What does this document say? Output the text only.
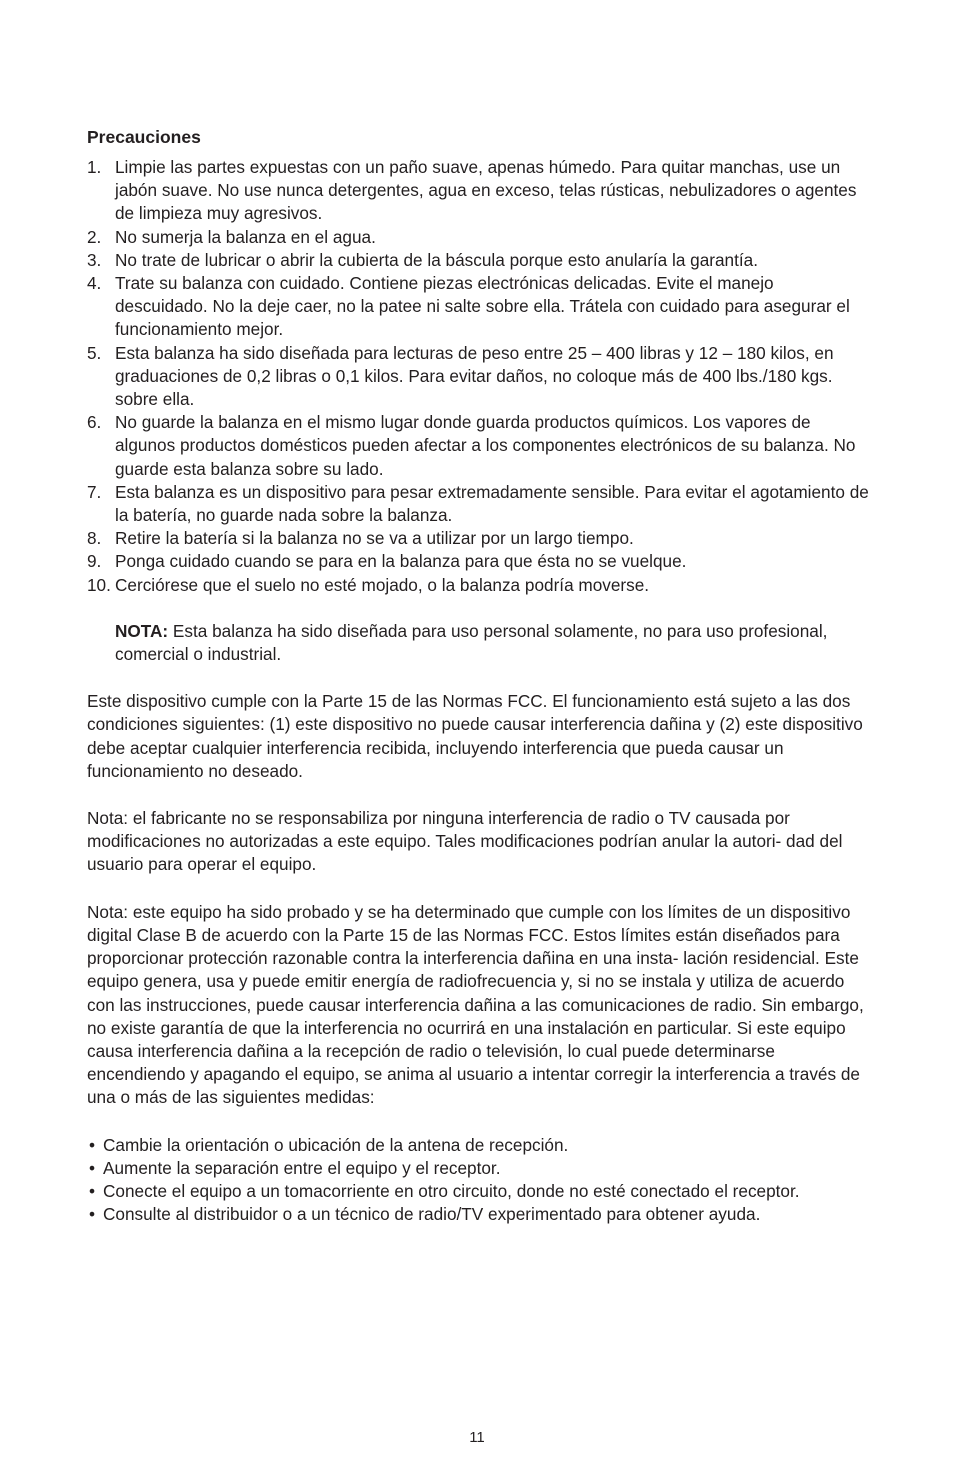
Precauciones
1. Limpie las partes expuestas con un paño suave, apenas húmedo. Para quitar manchas, use un jabón suave. No use nunca detergentes, agua en exceso, telas rústicas, nebulizadores o agentes de limpieza muy agresivos.
2. No sumerja la balanza en el agua.
3. No trate de lubricar o abrir la cubierta de la báscula porque esto anularía la garantía.
4. Trate su balanza con cuidado. Contiene piezas electrónicas delicadas. Evite el manejo descuidado. No la deje caer, no la patee ni salte sobre ella. Trátela con cuidado para asegurar el funcionamiento mejor.
5. Esta balanza ha sido diseñada para lecturas de peso entre 25 – 400 libras y 12 – 180 kilos, en graduaciones de 0,2 libras o 0,1 kilos. Para evitar daños, no coloque más de 400 lbs./180 kgs. sobre ella.
6. No guarde la balanza en el mismo lugar donde guarda productos químicos. Los vapores de algunos productos domésticos pueden afectar a los componentes electrónicos de su balanza. No guarde esta balanza sobre su lado.
7. Esta balanza es un dispositivo para pesar extremadamente sensible. Para evitar el agotamiento de la batería, no guarde nada sobre la balanza.
8. Retire la batería si la balanza no se va a utilizar por un largo tiempo.
9. Ponga cuidado cuando se para en la balanza para que ésta no se vuelque.
10. Cerciórese que el suelo no esté mojado, o la balanza podría moverse.
NOTA: Esta balanza ha sido diseñada para uso personal solamente, no para uso profesional, comercial o industrial.

Este dispositivo cumple con la Parte 15 de las Normas FCC. El funcionamiento está sujeto a las dos condiciones siguientes: (1) este dispositivo no puede causar interferencia dañina y (2) este dispositivo debe aceptar cualquier interferencia recibida, incluyendo interferencia que pueda causar un funcionamiento no deseado.

Nota: el fabricante no se responsabiliza por ninguna interferencia de radio o TV causada por modificaciones no autorizadas a este equipo. Tales modificaciones podrían anular la autori- dad del usuario para operar el equipo.

Nota: este equipo ha sido probado y se ha determinado que cumple con los límites de un dispositivo digital Clase B de acuerdo con la Parte 15 de las Normas FCC. Estos límites están diseñados para proporcionar protección razonable contra la interferencia dañina en una insta- lación residencial. Este equipo genera, usa y puede emitir energía de radiofrecuencia y, si no se instala y utiliza de acuerdo con las instrucciones, puede causar interferencia dañina a las comunicaciones de radio. Sin embargo, no existe garantía de que la interferencia no ocurrirá en una instalación en particular. Si este equipo causa interferencia dañina a la recepción de radio o televisión, lo cual puede determinarse encendiendo y apagando el equipo, se anima al usuario a intentar corregir la interferencia a través de una o más de las siguientes medidas:

• Cambie la orientación o ubicación de la antena de recepción.
• Aumente la separación entre el equipo y el receptor.
• Conecte el equipo a un tomacorriente en otro circuito, donde no esté conectado el receptor.
• Consulte al distribuidor o a un técnico de radio/TV experimentado para obtener ayuda.
11
